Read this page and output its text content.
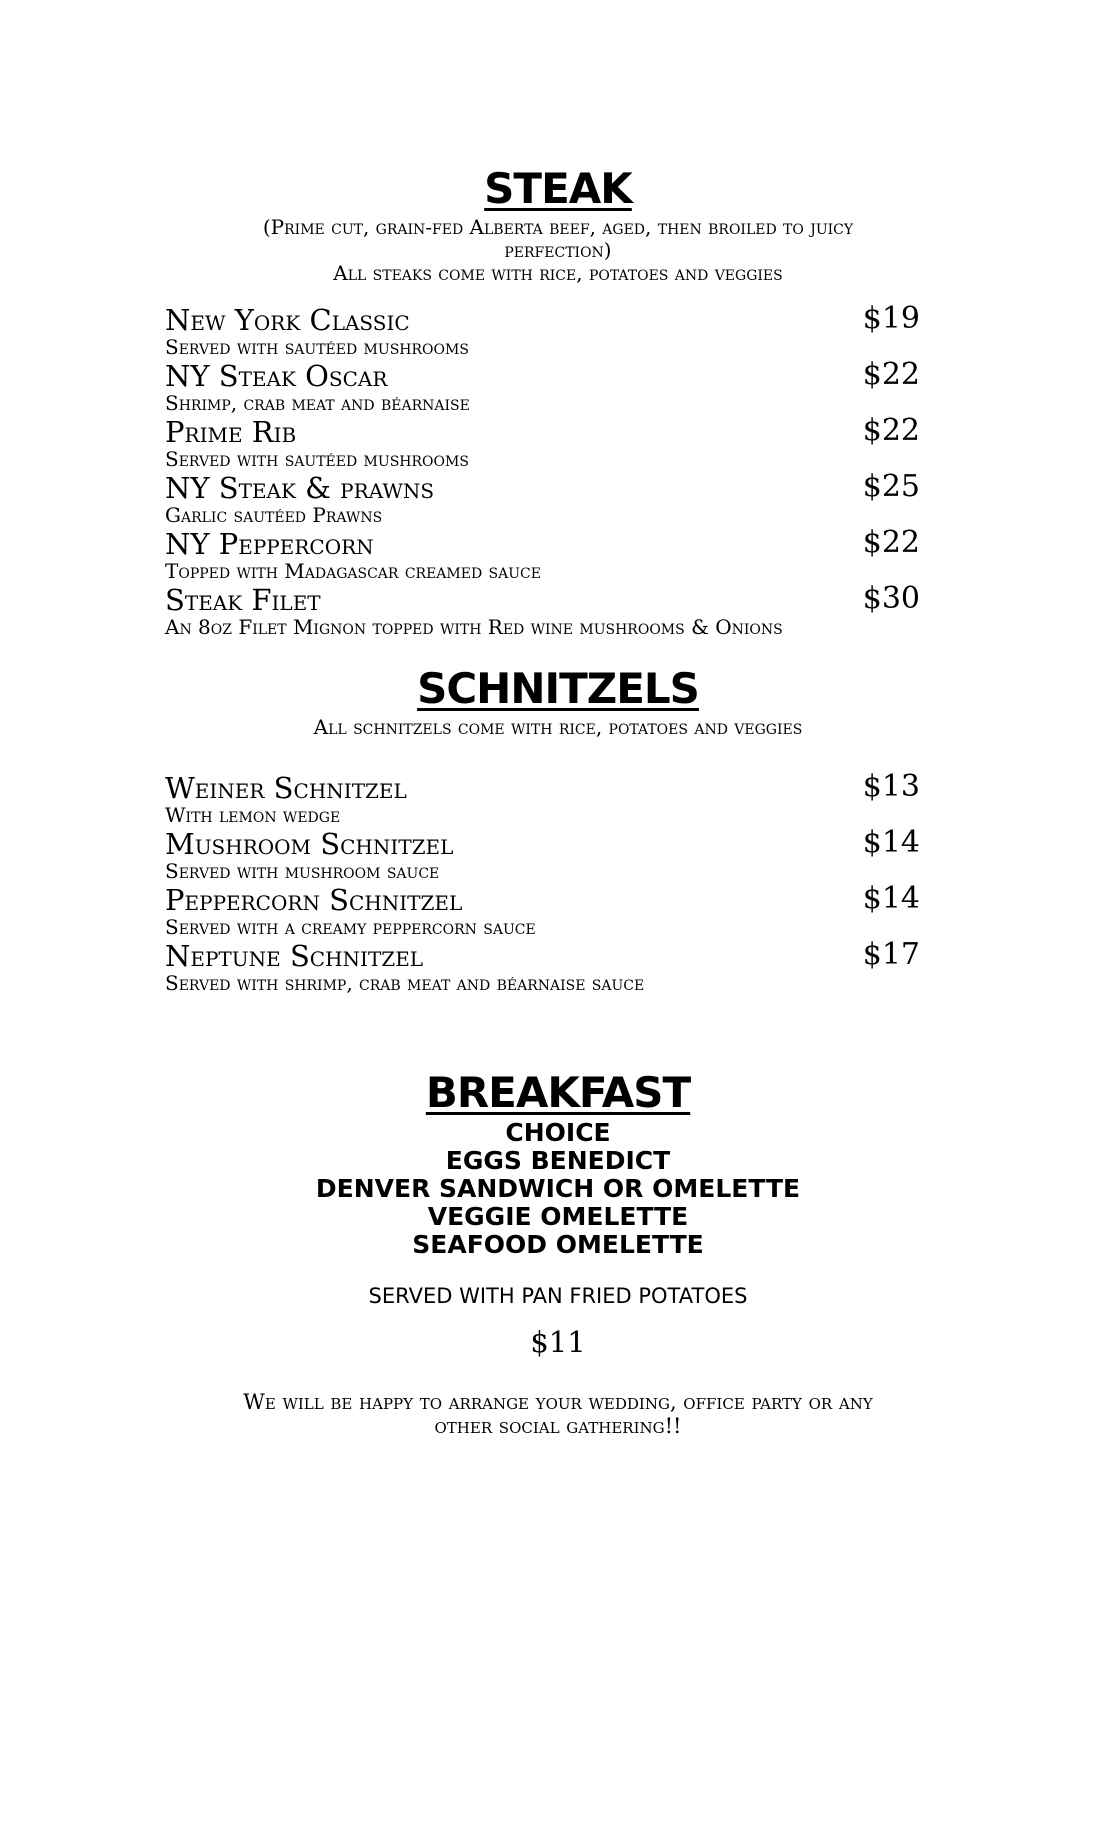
STEAK
(Prime cut, grain-fed Alberta beef, aged, then broiled to juicy
perfection)
All steaks come with rice, potatoes and veggies
New York Classic	$19
Served with sautéed mushrooms
NY Steak Oscar	$22
Shrimp, crab meat and béarnaise
Prime Rib	$22
Served with sautéed mushrooms
NY Steak & prawns	$25
Garlic sautéed Prawns
NY Peppercorn	$22
Topped with Madagascar creamed sauce
Steak Filet	$30
An 8oz Filet Mignon topped with Red wine mushrooms & Onions
SCHNITZELS
All schnitzels come with rice, potatoes and veggies
Weiner Schnitzel	$13
With lemon wedge
Mushroom Schnitzel	$14
Served with mushroom sauce
Peppercorn Schnitzel	$14
Served with a creamy peppercorn sauce
Neptune Schnitzel	$17
Served with shrimp, crab meat and béarnaise sauce
BREAKFAST
CHOICE
EGGS BENEDICT
DENVER SANDWICH OR OMELETTE
VEGGIE OMELETTE
SEAFOOD OMELETTE
SERVED WITH PAN FRIED POTATOES
$11
We will be happy to arrange your wedding, office party or any
other social gathering!!
